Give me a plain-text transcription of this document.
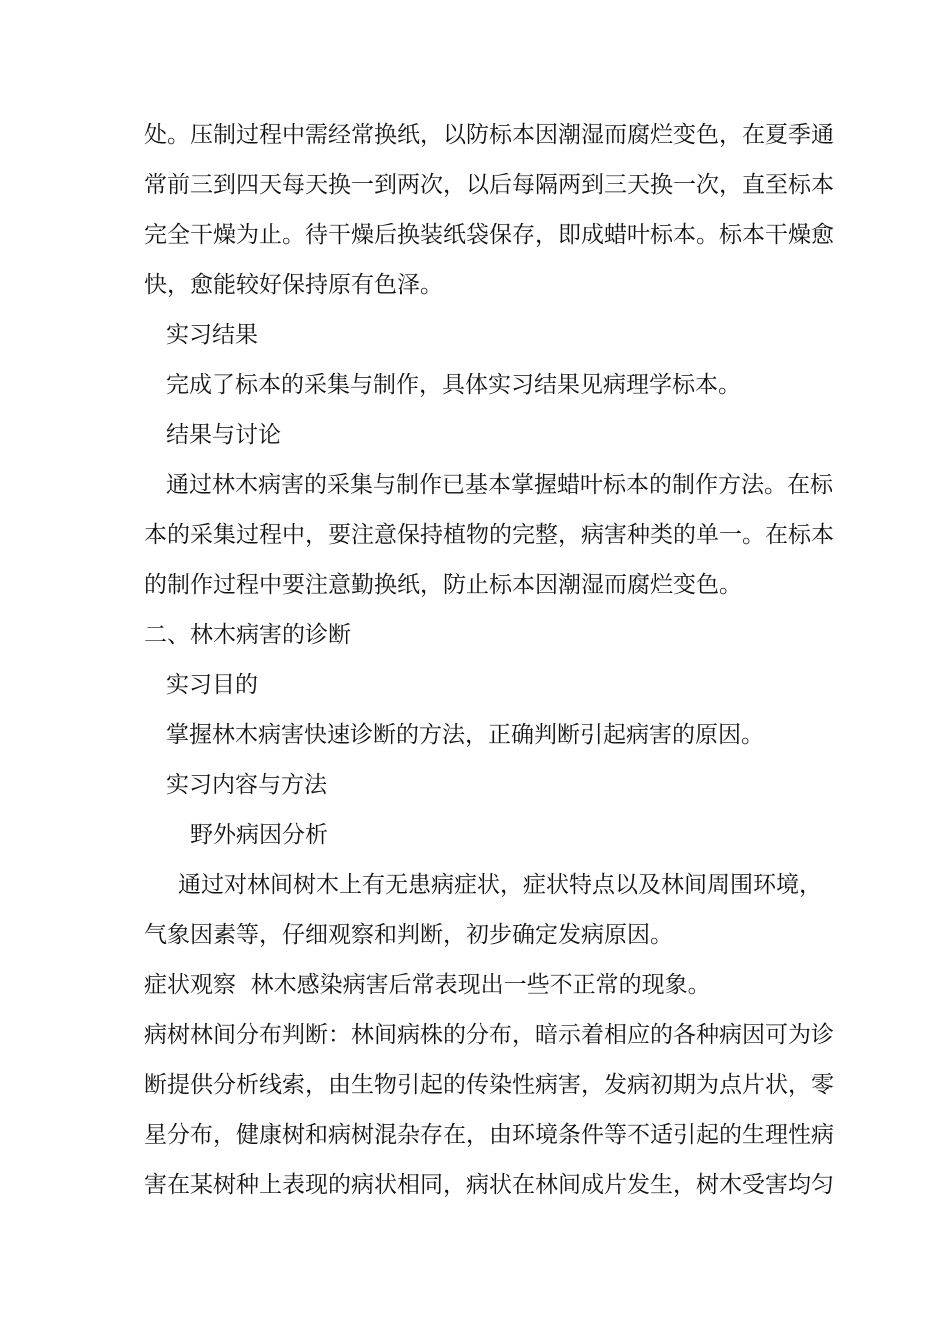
处。压制过程中需经常换纸，以防标本因潮湿而腐烂变色，在夏季通

常前三到四天每天换一到两次，以后每隔两到三天换一次，直至标本

完全干燥为止。待干燥后换装纸袋保存，即成蜡叶标本。标本干燥愈

快，愈能较好保持原有色泽。

实习结果

完成了标本的采集与制作，具体实习结果见病理学标本。

结果与讨论

通过林木病害的采集与制作已基本掌握蜡叶标本的制作方法。在标

本的采集过程中，要注意保持植物的完整，病害种类的单一。在标本

的制作过程中要注意勤换纸，防止标本因潮湿而腐烂变色。

二、林木病害的诊断

实习目的

掌握林木病害快速诊断的方法，正确判断引起病害的原因。

实习内容与方法

野外病因分析

通过对林间树木上有无患病症状，症状特点以及林间周围环境，

气象因素等，仔细观察和判断，初步确定发病原因。

症状观察  林木感染病害后常表现出一些不正常的现象。

病树林间分布判断：林间病株的分布，暗示着相应的各种病因可为诊

断提供分析线索，由生物引起的传染性病害，发病初期为点片状，零

星分布，健康树和病树混杂存在，由环境条件等不适引起的生理性病

害在某树种上表现的病状相同，病状在林间成片发生，树木受害均匀
